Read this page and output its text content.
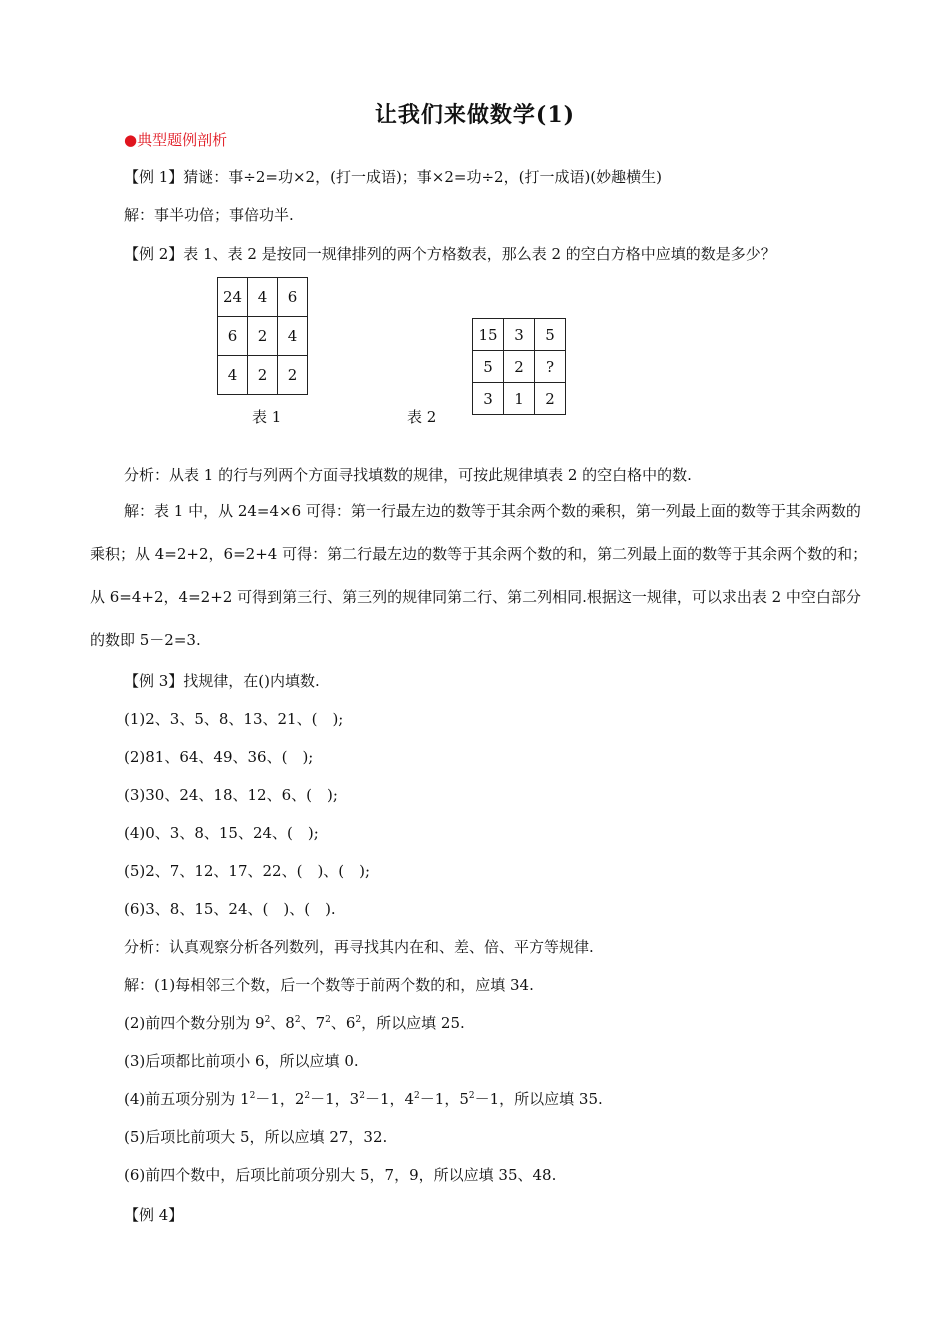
让我们来做数学(1)
●典型题例剖析
【例 1】猜谜：事÷2=功×2，(打一成语)；事×2=功÷2，(打一成语)(妙趣横生)
解：事半功倍；事倍功半.
【例 2】表 1、表 2 是按同一规律排列的两个方格数表，那么表 2 的空白方格中应填的数是多少？
24	4	6
6	2	4
4	2	2
15	3	5
5	2	?
3	1	2
表 1	表 2
分析：从表 1 的行与列两个方面寻找填数的规律，可按此规律填表 2 的空白格中的数.
解：表 1 中，从 24=4×6 可得：第一行最左边的数等于其余两个数的乘积，第一列最上面的数等于其余两数的乘积；从 4=2+2，6=2+4 可得：第二行最左边的数等于其余两个数的和，第二列最上面的数等于其余两个数的和；从 6=4+2，4=2+2 可得到第三行、第三列的规律同第二行、第二列相同.根据这一规律，可以求出表 2 中空白部分的数即 5－2=3.
【例 3】找规律，在()内填数.
(1)2、3、5、8、13、21、(　);
(2)81、64、49、36、(　);
(3)30、24、18、12、6、(　);
(4)0、3、8、15、24、(　);
(5)2、7、12、17、22、(　)、(　);
(6)3、8、15、24、(　)、(　).
分析：认真观察分析各列数列，再寻找其内在和、差、倍、平方等规律.
解：(1)每相邻三个数，后一个数等于前两个数的和，应填 34.
(2)前四个数分别为 $9^2$、$8^2$、$7^2$、$6^2$，所以应填 25.
(3)后项都比前项小 6，所以应填 0.
(4)前五项分别为 $1^2-1$，$2^2-1$，$3^2-1$，$4^2-1$，$5^2-1$，所以应填 35.
(5)后项比前项大 5，所以应填 27，32.
(6)前四个数中，后项比前项分别大 5，7，9，所以应填 35、48.
【例 4】
